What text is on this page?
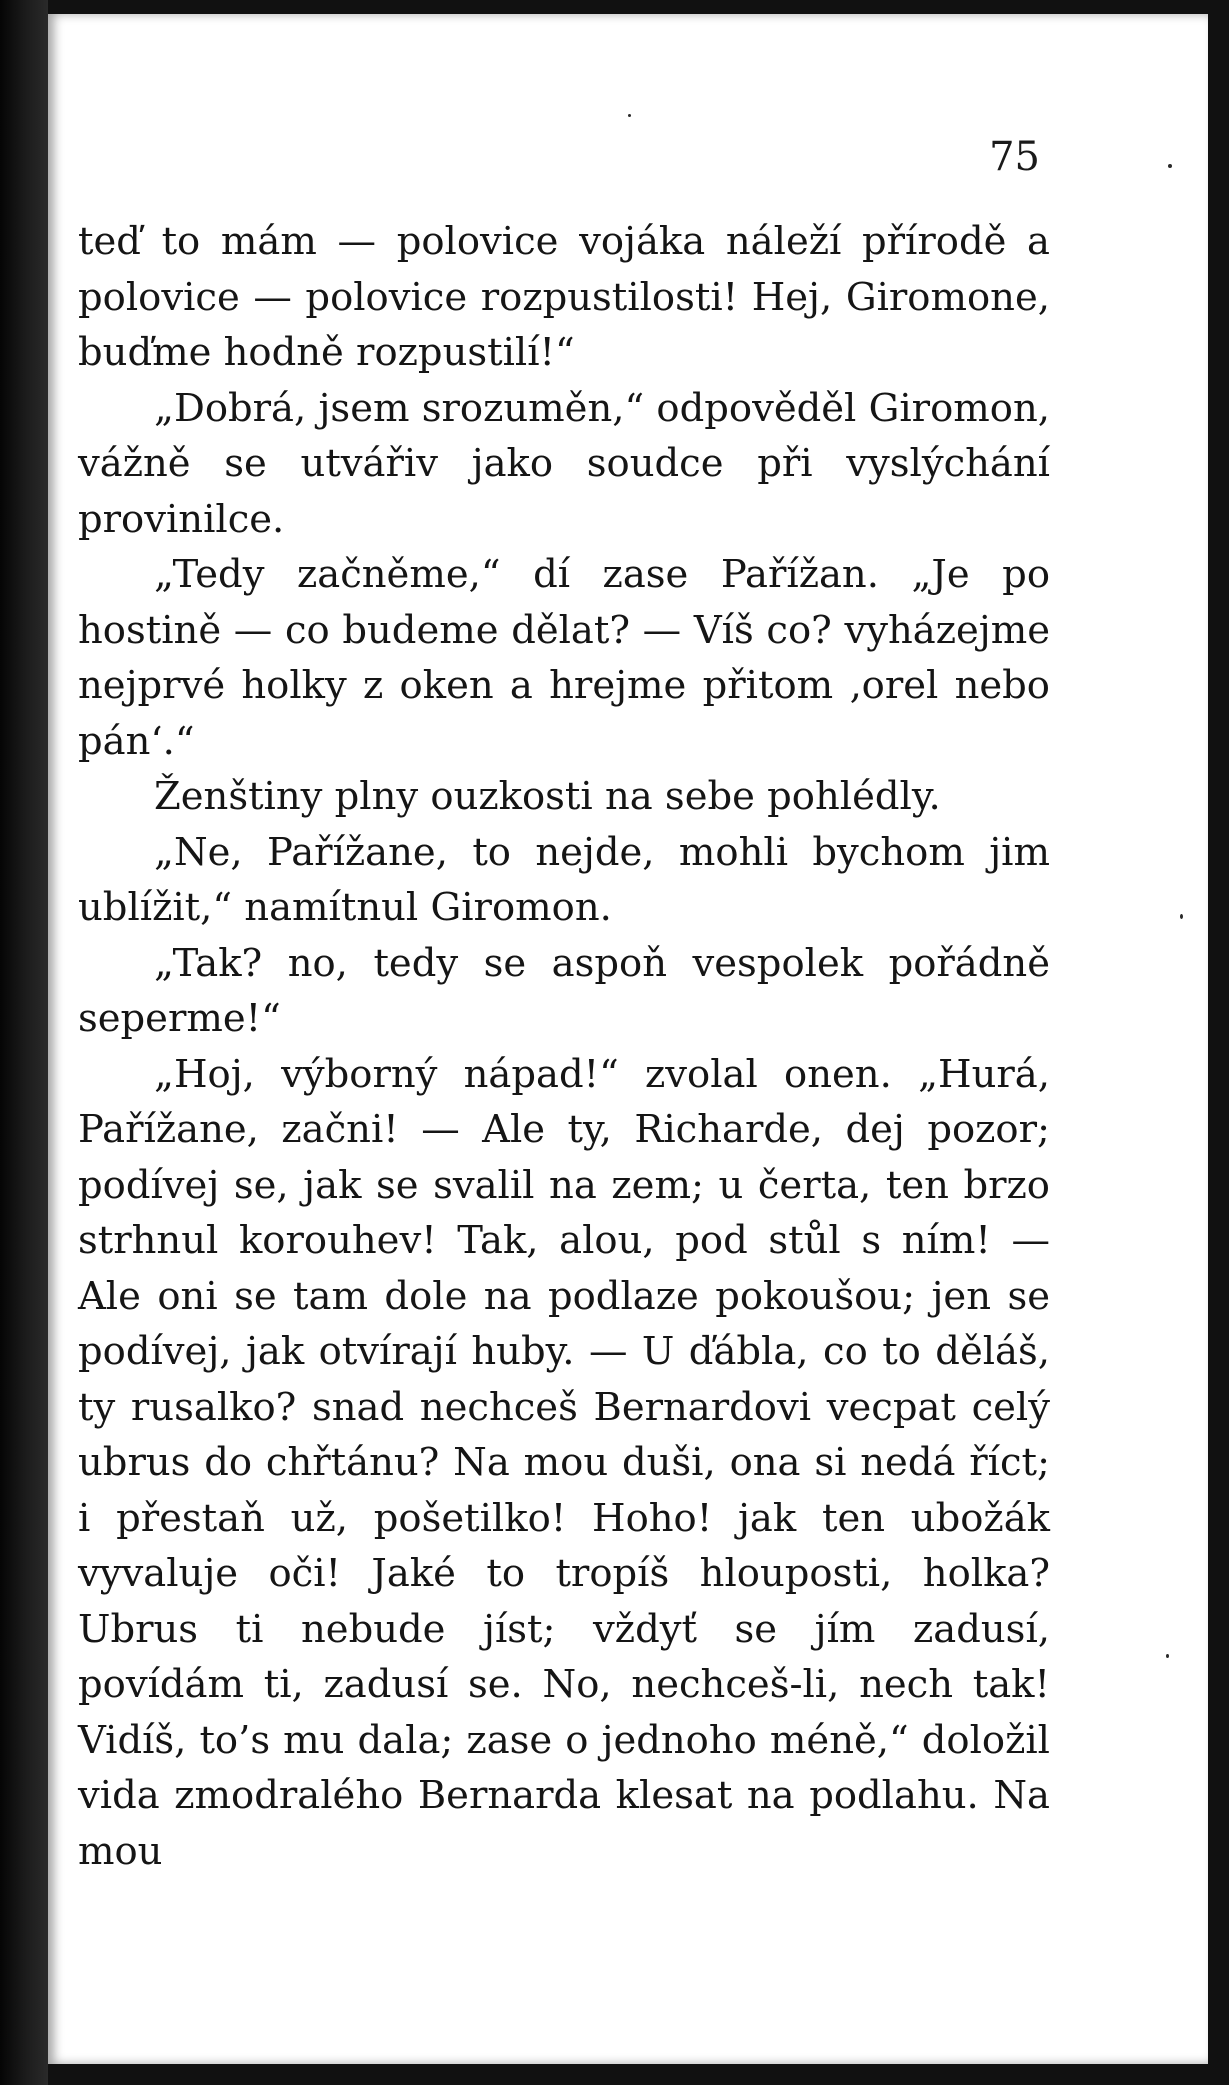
75

teď to mám — polovice vojáka náleží přírodě a polovice — polovice rozpustilosti! Hej, Giromone, buďme hodně rozpustilí!“

„Dobrá, jsem srozuměn,“ odpověděl Giromon, vážně se utvářiv jako soudce při vyslýchání provinilce.

„Tedy začněme,“ dí zase Pařížan. „Je po hostině — co budeme dělat? — Víš co? vyházejme nejprvé holky z oken a hrejme přitom ‚orel nebo pán‘.“

Ženštiny plny ouzkosti na sebe pohlédly.

„Ne, Pařížane, to nejde, mohli bychom jim ublížit,“ namítnul Giromon.

„Tak? no, tedy se aspoň vespolek pořádně seperme!“

„Hoj, výborný nápad!“ zvolal onen. „Hurá, Pařížane, začni! — Ale ty, Richarde, dej pozor; podívej se, jak se svalil na zem; u čerta, ten brzo strhnul korouhev! Tak, alou, pod stůl s ním! — Ale oni se tam dole na podlaze pokoušou; jen se podívej, jak otvírají huby. — U ďábla, co to děláš, ty rusalko? snad nechceš Bernardovi vecpat celý ubrus do chřtánu? Na mou duši, ona si nedá říct; i přestaň už, pošetilko! Hoho! jak ten ubožák vyvaluje oči! Jaké to tropíš hlouposti, holka? Ubrus ti nebude jíst; vždyť se jím zadusí, povídám ti, zadusí se. No, nechceš-li, nech tak! Vidíš, to’s mu dala; zase o jednoho méně,“ doložil vida zmodralého Bernarda klesat na podlahu. Na mou
